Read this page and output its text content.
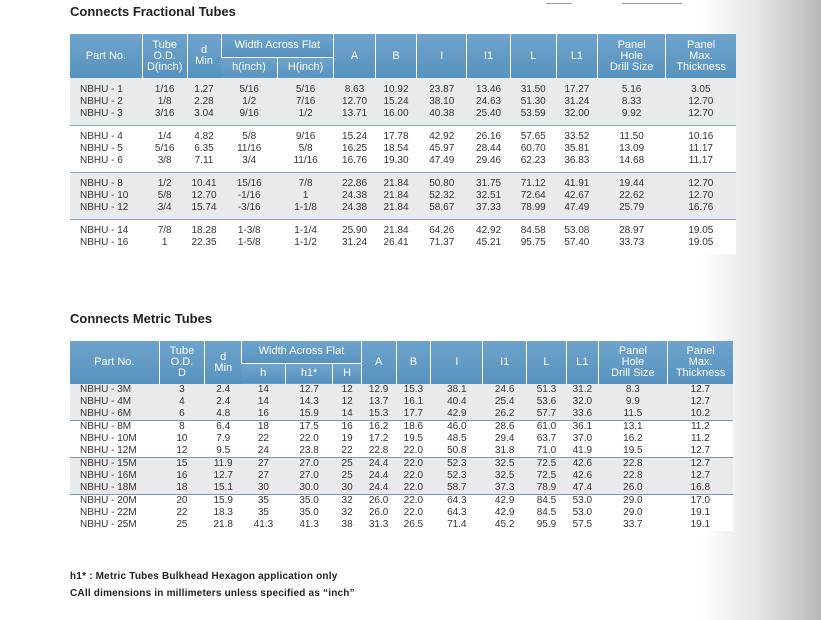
Connects Fractional Tubes
Part No.	Tube
O.D.
D(inch)	d
Min	Width Across Flat		A	B	I	I1	L	L1	Panel
Hole
Drill Size	Panel
Max.
Thickness
			h(inch)	H(inch)								
NBHU - 1	1/16	1.27	5/16	5/16	8.63	10.92	23.87	13.46	31.50	17.27	5.16	3.05
NBHU - 2	1/8	2.28	1/2	7/16	12.70	15.24	38.10	24.63	51.30	31.24	8.33	12.70
NBHU - 3	3/16	3.04	9/16	1/2	13.71	16.00	40.38	25.40	53.59	32.00	9.92	12.70
NBHU - 4	1/4	4.82	5/8	9/16	15.24	17.78	42.92	26.16	57.65	33.52	11.50	10.16
NBHU - 5	5/16	6.35	11/16	5/8	16.25	18.54	45.97	28.44	60.70	35.81	13.09	11.17
NBHU - 6	3/8	7.11	3/4	11/16	16.76	19.30	47.49	29.46	62.23	36.83	14.68	11.17
NBHU - 8	1/2	10.41	15/16	7/8	22.86	21.84	50.80	31.75	71.12	41.91	19.44	12.70
NBHU - 10	5/8	12.70	-1/16	1	24.38	21.84	52.32	32.51	72.64	42.67	22.62	12.70
NBHU - 12	3/4	15.74	-3/16	1-1/8	24.38	21.84	58.67	37.33	78.99	47.49	25.79	16.76
NBHU - 14	7/8	18.28	1-3/8	1-1/4	25.90	21.84	64.26	42.92	84.58	53.08	28.97	19.05
NBHU - 16	1	22.35	1-5/8	1-1/2	31.24	26.41	71.37	45.21	95.75	57.40	33.73	19.05
Connects Metric Tubes
Part No.	Tube
O.D.
D	d
Min	Width Across Flat			A	B	I	I1	L	L1	Panel
Hole
Drill Size	Panel
Max.
Thickness
			h	h1*	H								
NBHU - 3M	3	2.4	14	12.7	12	12.9	15.3	38.1	24.6	51.3	31.2	8.3	12.7
NBHU - 4M	4	2.4	14	14.3	12	13.7	16.1	40.4	25.4	53.6	32.0	9.9	12.7
NBHU - 6M	6	4.8	16	15.9	14	15.3	17.7	42.9	26.2	57.7	33.6	11.5	10.2
NBHU - 8M	8	6.4	18	17.5	16	16.2	18.6	46.0	28.6	61.0	36.1	13.1	11.2
NBHU - 10M	10	7.9	22	22.0	19	17.2	19.5	48.5	29.4	63.7	37.0	16.2	11.2
NBHU - 12M	12	9.5	24	23.8	22	22.8	22.0	50.8	31.8	71.0	41.9	19.5	12.7
NBHU - 15M	15	11.9	27	27.0	25	24.4	22.0	52.3	32.5	72.5	42.6	22.8	12.7
NBHU - 16M	16	12.7	27	27.0	25	24.4	22.0	52.3	32.5	72.5	42.6	22.8	12.7
NBHU - 18M	18	15.1	30	30.0	30	24.4	22.0	58.7	37.3	78.9	47.4	26.0	16.8
NBHU - 20M	20	15.9	35	35.0	32	26.0	22.0	64.3	42.9	84.5	53.0	29.0	17.0
NBHU - 22M	22	18.3	35	35.0	32	26.0	22.0	64.3	42.9	84.5	53.0	29.0	19.1
NBHU - 25M	25	21.8	41.3	41.3	38	31.3	26.5	71.4	45.2	95.9	57.5	33.7	19.1
h1* : Metric Tubes Bulkhead Hexagon application only
CAll dimensions in millimeters unless specified as “inch”
